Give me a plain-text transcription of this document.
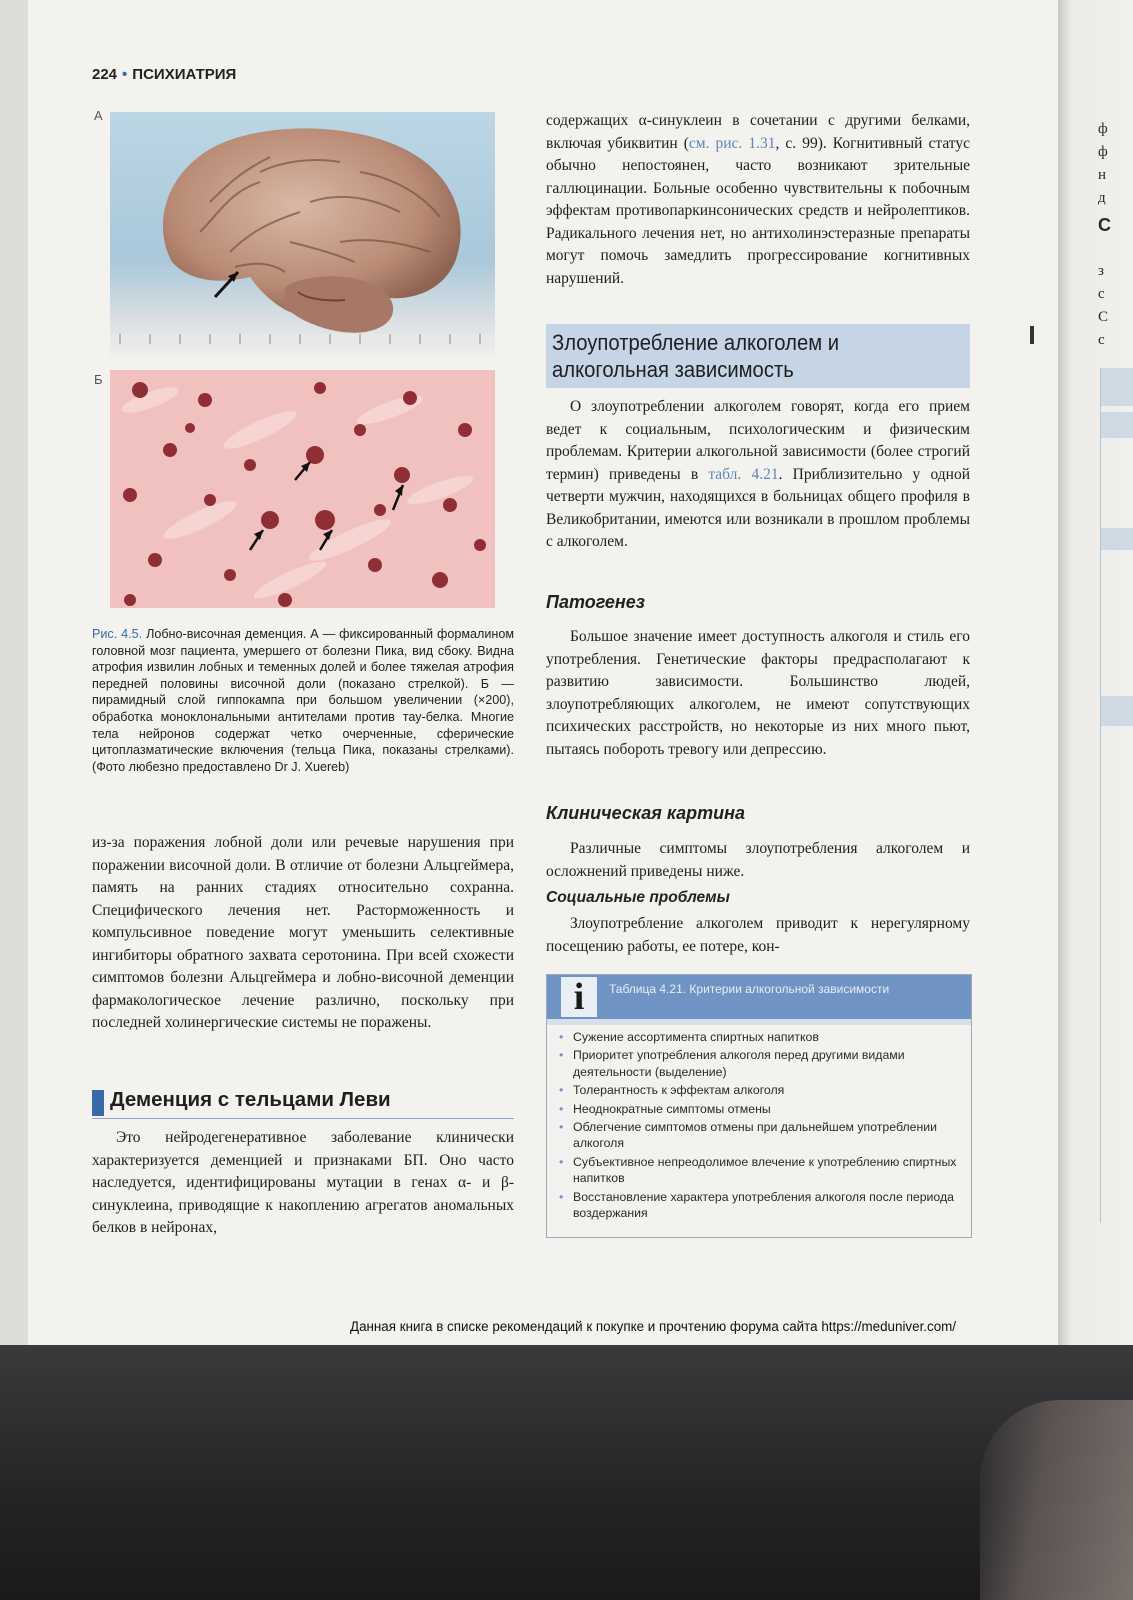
224 • ПСИХИАТРИЯ
А
Б
Рис. 4.5. Лобно-височная деменция. А — фиксированный формалином головной мозг пациента, умершего от болезни Пика, вид сбоку. Видна атрофия извилин лобных и теменных долей и более тяжелая атрофия передней половины височной доли (показано стрелкой). Б — пирамидный слой гиппокампа при большом увеличении (×200), обработка моноклональными антителами против тау-белка. Многие тела нейронов содержат четко очерченные, сферические цитоплазматические включения (тельца Пика, показаны стрелками). (Фото любезно предоставлено Dr J. Xuereb)

из-за поражения лобной доли или речевые нарушения при поражении височной доли. В отличие от болезни Альцгеймера, память на ранних стадиях относительно сохранна. Специфического лечения нет. Расторможенность и компульсивное поведение могут уменьшить селективные ингибиторы обратного захвата серотонина. При всей схожести симптомов болезни Альцгеймера и лобно-височной деменции фармакологическое лечение различно, поскольку при последней холинергические системы не поражены.

Деменция с тельцами Леви

Это нейродегенеративное заболевание клинически характеризуется деменцией и признаками БП. Оно часто наследуется, идентифицированы мутации в генах α- и β-синуклеина, приводящие к накоплению агрегатов аномальных белков в нейронах,

содержащих α-синуклеин в сочетании с другими белками, включая убиквитин (см. рис. 1.31, с. 99). Когнитивный статус обычно непостоянен, часто возникают зрительные галлюцинации. Больные особенно чувствительны к побочным эффектам противопаркинсонических средств и нейролептиков. Радикального лечения нет, но антихолинэстеразные препараты могут помочь замедлить прогрессирование когнитивных нарушений.

Злоупотребление алкоголем и алкогольная зависимость

О злоупотреблении алкоголем говорят, когда его прием ведет к социальным, психологическим и физическим проблемам. Критерии алкогольной зависимости (более строгий термин) приведены в табл. 4.21. Приблизительно у одной четверти мужчин, находящихся в больницах общего профиля в Великобритании, имеются или возникали в прошлом проблемы с алкоголем.

Патогенез

Большое значение имеет доступность алкоголя и стиль его употребления. Генетические факторы предрасполагают к развитию зависимости. Большинство людей, злоупотребляющих алкоголем, не имеют сопутствующих психических расстройств, но некоторые из них много пьют, пытаясь побороть тревогу или депрессию.

Клиническая картина

Различные симптомы злоупотребления алкоголем и осложнений приведены ниже.

Социальные проблемы

Злоупотребление алкоголем приводит к нерегулярному посещению работы, ее потере, кон-

i	Таблица 4.21. Критерии алкогольной зависимости
• Сужение ассортимента спиртных напитков
• Приоритет употребления алкоголя перед другими видами деятельности (выделение)
• Толерантность к эффектам алкоголя
• Неоднократные симптомы отмены
• Облегчение симптомов отмены при дальнейшем употреблении алкоголя
• Субъективное непреодолимое влечение к употреблению спиртных напитков
• Восстановление характера употребления алкоголя после периода воздержания
ф
ф
н
д
C
з
с
C
с
Данная книга в списке рекомендаций к покупке и прочтению форума сайта https://meduniver.com/
